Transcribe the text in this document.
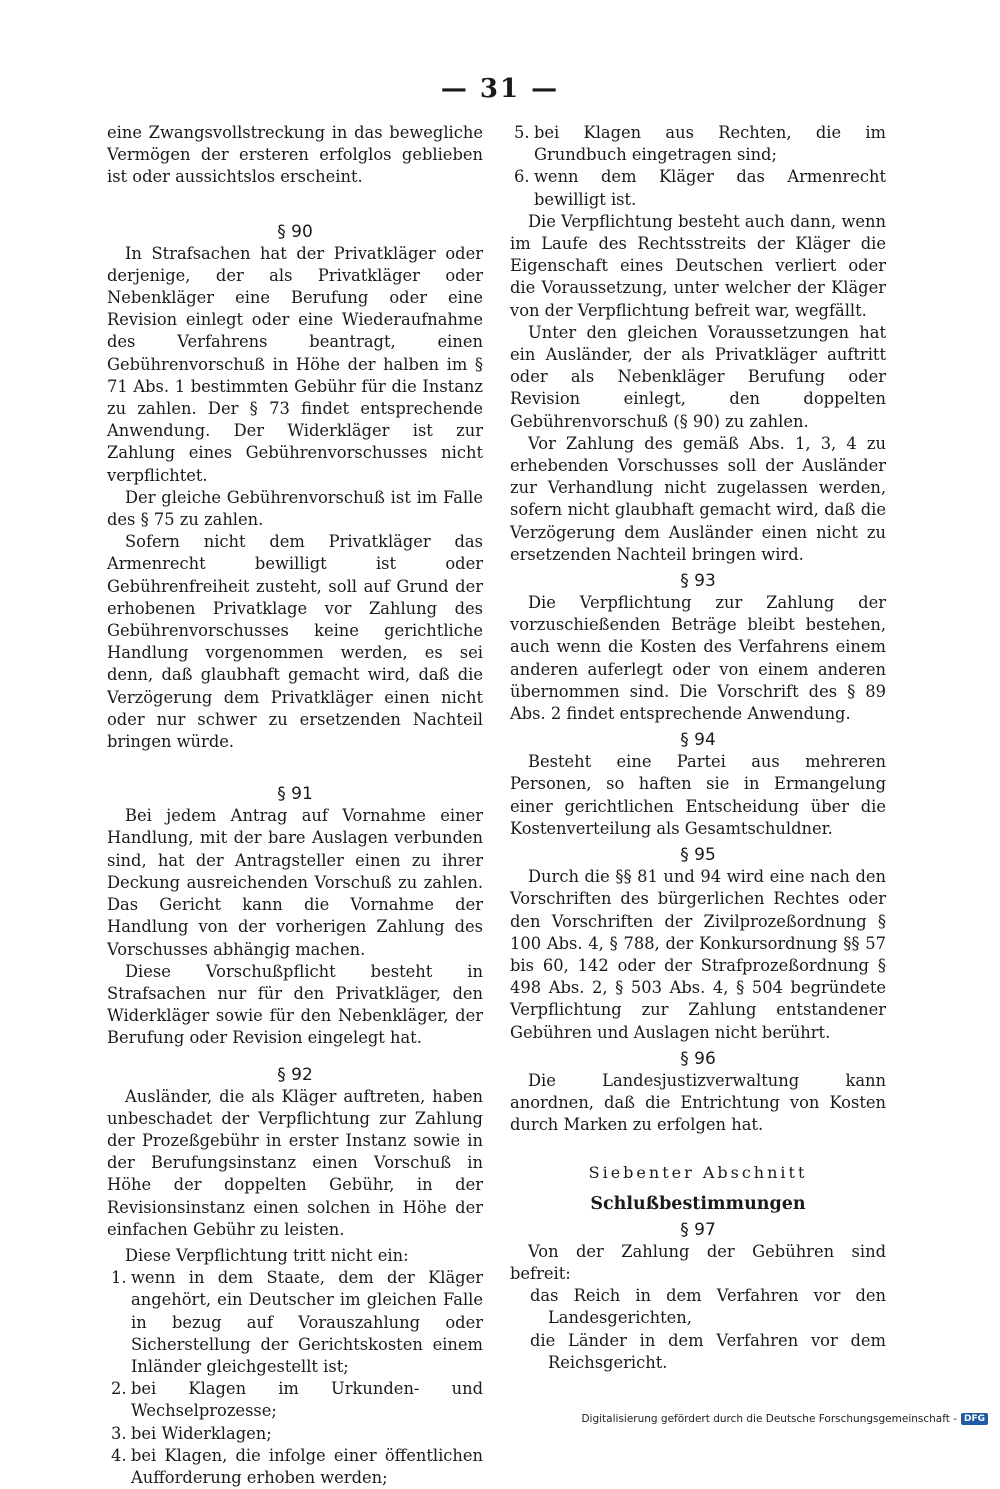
— 31 —

eine Zwangsvollstreckung in das bewegliche Vermögen der ersteren erfolglos geblieben ist oder aussichtslos erscheint.

§ 90

In Strafsachen hat der Privatkläger oder derjenige, der als Privatkläger oder Nebenkläger eine Berufung oder eine Revision einlegt oder eine Wiederaufnahme des Verfahrens beantragt, einen Gebührenvorschuß in Höhe der halben im § 71 Abs. 1 bestimmten Gebühr für die Instanz zu zahlen. Der § 73 findet entsprechende Anwendung. Der Widerkläger ist zur Zahlung eines Gebührenvorschusses nicht verpflichtet.

Der gleiche Gebührenvorschuß ist im Falle des § 75 zu zahlen.

Sofern nicht dem Privatkläger das Armenrecht bewilligt ist oder Gebührenfreiheit zusteht, soll auf Grund der erhobenen Privatklage vor Zahlung des Gebührenvorschusses keine gerichtliche Handlung vorgenommen werden, es sei denn, daß glaubhaft gemacht wird, daß die Verzögerung dem Privatkläger einen nicht oder nur schwer zu ersetzenden Nachteil bringen würde.

§ 91

Bei jedem Antrag auf Vornahme einer Handlung, mit der bare Auslagen verbunden sind, hat der Antragsteller einen zu ihrer Deckung ausreichenden Vorschuß zu zahlen. Das Gericht kann die Vornahme der Handlung von der vorherigen Zahlung des Vorschusses abhängig machen.

Diese Vorschußpflicht besteht in Strafsachen nur für den Privatkläger, den Widerkläger sowie für den Nebenkläger, der Berufung oder Revision eingelegt hat.

§ 92

Ausländer, die als Kläger auftreten, haben unbeschadet der Verpflichtung zur Zahlung der Prozeßgebühr in erster Instanz sowie in der Berufungsinstanz einen Vorschuß in Höhe der doppelten Gebühr, in der Revisionsinstanz einen solchen in Höhe der einfachen Gebühr zu leisten.

Diese Verpflichtung tritt nicht ein:

1. wenn in dem Staate, dem der Kläger angehört, ein Deutscher im gleichen Falle in bezug auf Vorauszahlung oder Sicherstellung der Gerichtskosten einem Inländer gleichgestellt ist;
2. bei Klagen im Urkunden- und Wechselprozesse;
3. bei Widerklagen;
4. bei Klagen, die infolge einer öffentlichen Aufforderung erhoben werden;
5. bei Klagen aus Rechten, die im Grundbuch eingetragen sind;
6. wenn dem Kläger das Armenrecht bewilligt ist.

Die Verpflichtung besteht auch dann, wenn im Laufe des Rechtsstreits der Kläger die Eigenschaft eines Deutschen verliert oder die Voraussetzung, unter welcher der Kläger von der Verpflichtung befreit war, wegfällt.

Unter den gleichen Voraussetzungen hat ein Ausländer, der als Privatkläger auftritt oder als Nebenkläger Berufung oder Revision einlegt, den doppelten Gebührenvorschuß (§ 90) zu zahlen.

Vor Zahlung des gemäß Abs. 1, 3, 4 zu erhebenden Vorschusses soll der Ausländer zur Verhandlung nicht zugelassen werden, sofern nicht glaubhaft gemacht wird, daß die Verzögerung dem Ausländer einen nicht zu ersetzenden Nachteil bringen wird.

§ 93

Die Verpflichtung zur Zahlung der vorzuschießenden Beträge bleibt bestehen, auch wenn die Kosten des Verfahrens einem anderen auferlegt oder von einem anderen übernommen sind. Die Vorschrift des § 89 Abs. 2 findet entsprechende Anwendung.

§ 94

Besteht eine Partei aus mehreren Personen, so haften sie in Ermangelung einer gerichtlichen Entscheidung über die Kostenverteilung als Gesamtschuldner.

§ 95

Durch die §§ 81 und 94 wird eine nach den Vorschriften des bürgerlichen Rechtes oder den Vorschriften der Zivilprozeßordnung § 100 Abs. 4, § 788, der Konkursordnung §§ 57 bis 60, 142 oder der Strafprozeßordnung § 498 Abs. 2, § 503 Abs. 4, § 504 begründete Verpflichtung zur Zahlung entstandener Gebühren und Auslagen nicht berührt.

§ 96

Die Landesjustizverwaltung kann anordnen, daß die Entrichtung von Kosten durch Marken zu erfolgen hat.

Siebenter Abschnitt

Schlußbestimmungen

§ 97

Von der Zahlung der Gebühren sind befreit:

das Reich in dem Verfahren vor den Landesgerichten,

die Länder in dem Verfahren vor dem Reichsgericht.

Digitalisierung gefördert durch die Deutsche Forschungsgemeinschaft - DFG
